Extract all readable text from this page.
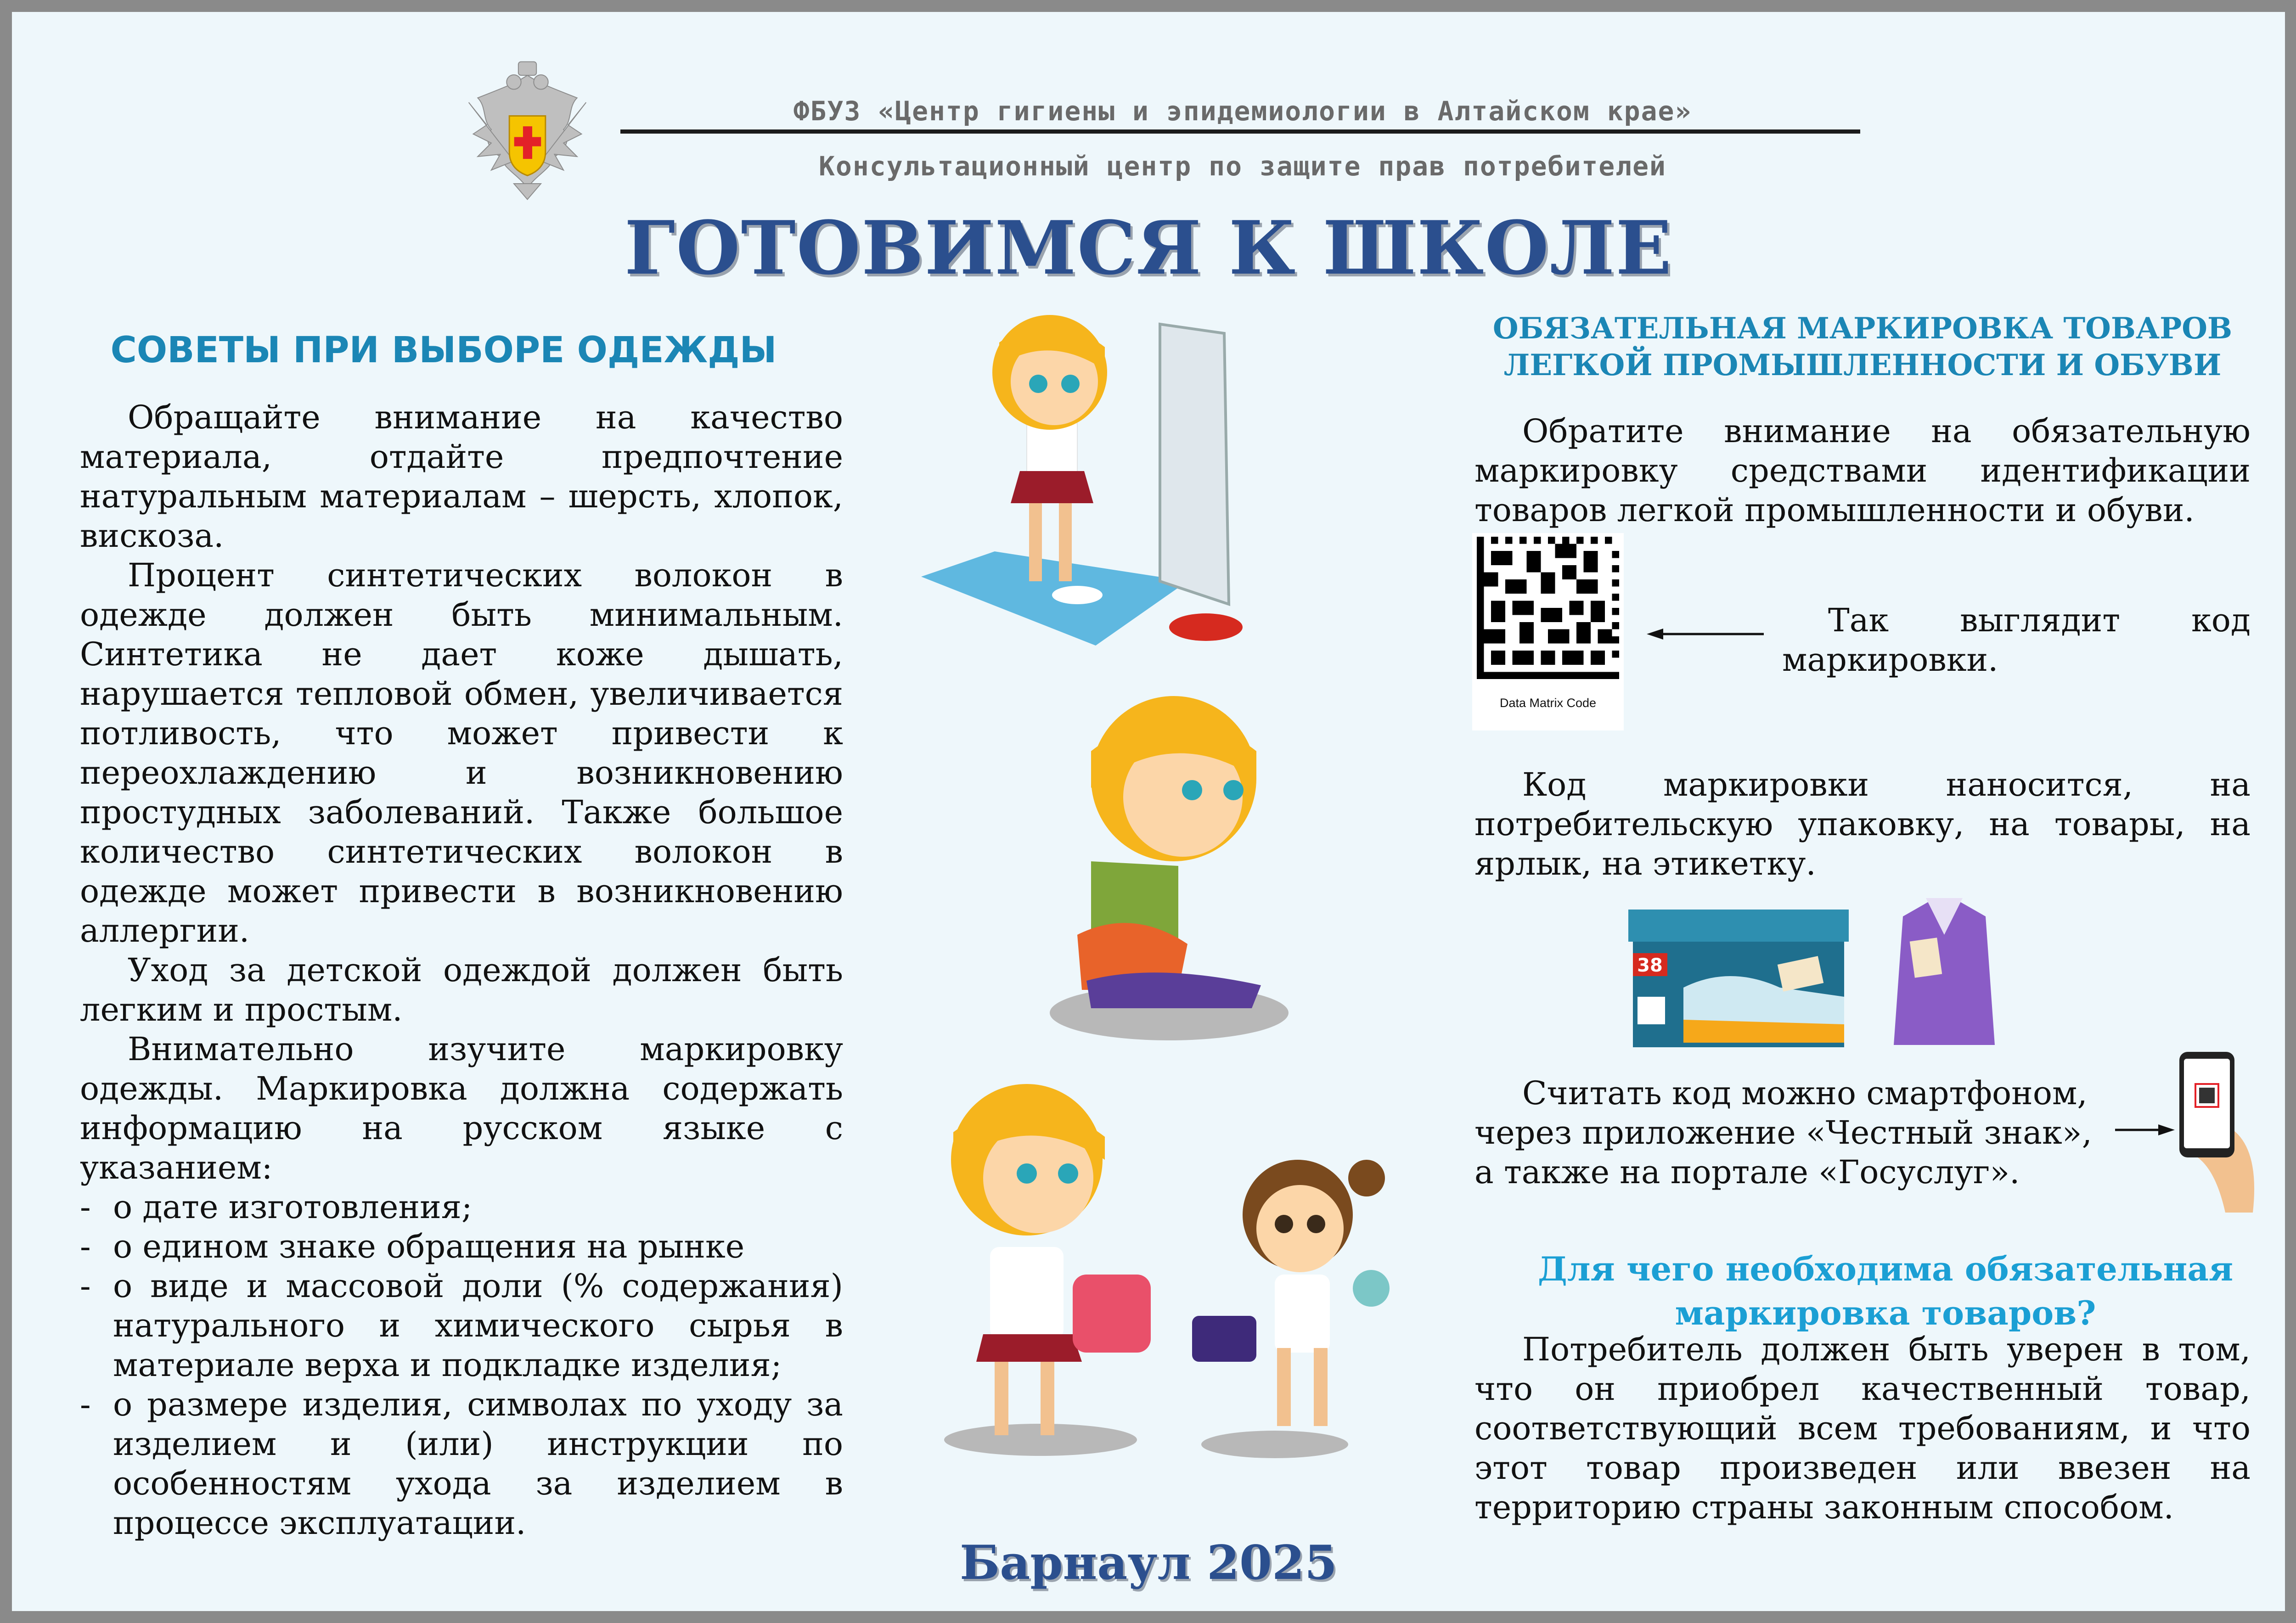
ФБУЗ «Центр гигиены и эпидемиологии в Алтайском крае»
Консультационный центр по защите прав потребителей
ГОТОВИМСЯ К ШКОЛЕ
СОВЕТЫ ПРИ ВЫБОРЕ ОДЕЖДЫ

Обращайте внимание на качество материала, отдайте предпочтение натуральным материалам – шерсть, хлопок, вискоза.

Процент синтетических волокон в одежде должен быть минимальным. Синтетика не дает коже дышать, нарушается тепловой обмен, увеличивается потливость, что может привести к переохлаждению и возникновению простудных заболеваний. Также большое количество синтетических волокон в одежде может привести в возникновению аллергии.

Уход за детской одеждой должен быть легким и простым.

Внимательно изучите маркировку одежды. Маркировка должна содержать информацию на русском языке с указанием:

- о дате изготовления;
- о едином знаке обращения на рынке
- о виде и массовой доли (% содержания) натурального и химического сырья в материале верха и подкладке изделия;
- о размере изделия, символах по уходу за изделием и (или) инструкции по особенностям ухода за изделием в процессе эксплуатации.
ОБЯЗАТЕЛЬНАЯ МАРКИРОВКА ТОВАРОВ ЛЕГКОЙ ПРОМЫШЛЕННОСТИ И ОБУВИ

Обратите внимание на обязательную маркировку средствами идентификации товаров легкой промышленности и обуви.

Data Matrix Code

Так выглядит код

маркировки.

Код маркировки наносится, на потребительскую упаковку, на товары, на ярлык, на этикетку.

38
Считать код можно смартфоном,
через приложение «Честный знак»,
а также на портале «Госуслуг».
Для чего необходима обязательная маркировка товаров?

Потребитель должен быть уверен в том, что он приобрел качественный товар, соответствующий всем требованиям, и что этот товар произведен или ввезен на территорию страны законным способом.

Барнаул 2025
